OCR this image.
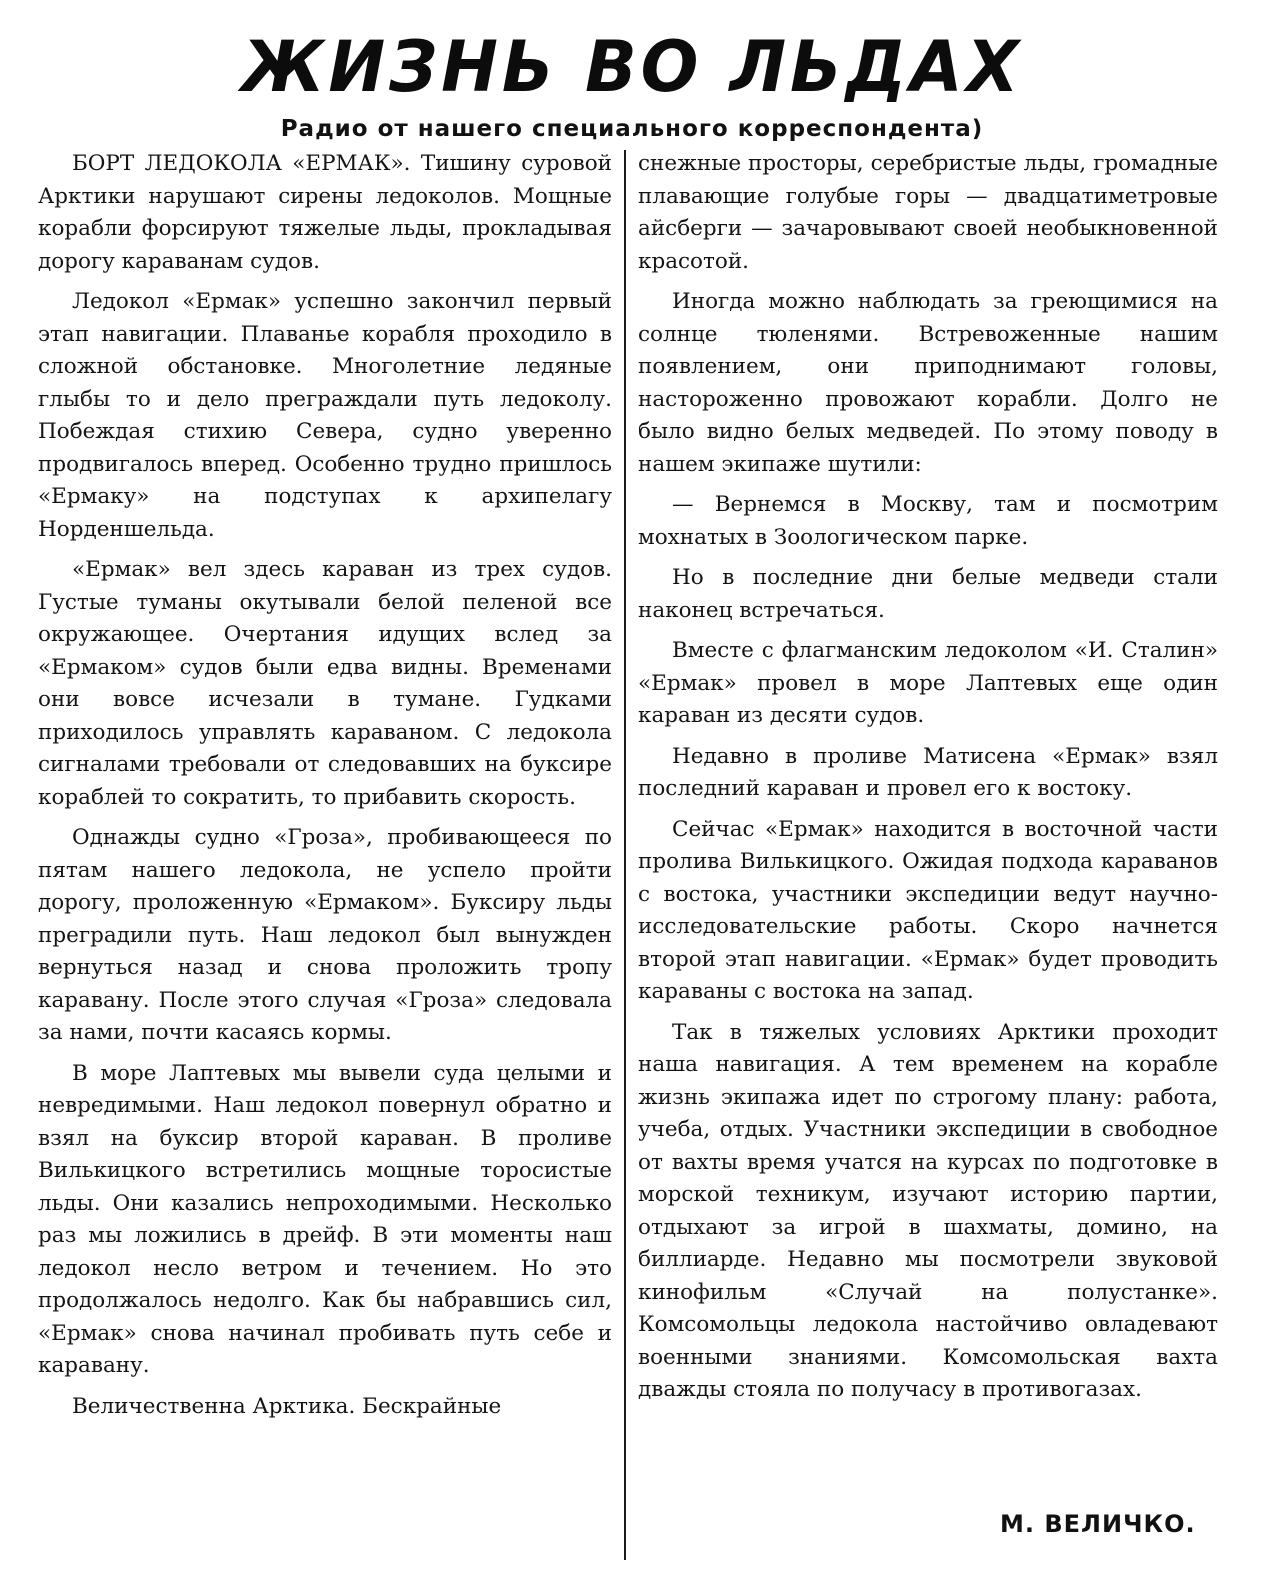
ЖИЗНЬ ВО ЛЬДАХ
Радио от нашего специального корреспондента)

БОРТ ЛЕДОКОЛА «ЕРМАК». Тишину суровой Арктики нарушают сирены ледоколов. Мощные корабли форсируют тяжелые льды, прокладывая дорогу караванам судов.

Ледокол «Ермак» успешно закончил первый этап навигации. Плаванье корабля проходило в сложной обстановке. Многолетние ледяные глыбы то и дело преграждали путь ледоколу. Побеждая стихию Севера, судно уверенно продвигалось вперед. Особенно трудно пришлось «Ермаку» на подступах к архипелагу Норденшельда.

«Ермак» вел здесь караван из трех судов. Густые туманы окутывали белой пеленой все окружающее. Очертания идущих вслед за «Ермаком» судов были едва видны. Временами они вовсе исчезали в тумане. Гудками приходилось управлять караваном. С ледокола сигналами требовали от следовавших на буксире кораблей то сократить, то прибавить скорость.

Однажды судно «Гроза», пробивающееся по пятам нашего ледокола, не успело пройти дорогу, проложенную «Ермаком». Буксиру льды преградили путь. Наш ледокол был вынужден вернуться назад и снова проложить тропу каравану. После этого случая «Гроза» следовала за нами, почти касаясь кормы.

В море Лаптевых мы вывели суда целыми и невредимыми. Наш ледокол повернул обратно и взял на буксир второй караван. В проливе Вилькицкого встретились мощные торосистые льды. Они казались непроходимыми. Несколько раз мы ложились в дрейф. В эти моменты наш ледокол несло ветром и течением. Но это продолжалось недолго. Как бы набравшись сил, «Ермак» снова начинал пробивать путь себе и каравану.

Величественна Арктика. Бескрайные

снежные просторы, серебристые льды, громадные плавающие голубые горы — двадцатиметровые айсберги — зачаровывают своей необыкновенной красотой.

Иногда можно наблюдать за греющимися на солнце тюленями. Встревоженные нашим появлением, они приподнимают головы, настороженно провожают корабли. Долго не было видно белых медведей. По этому поводу в нашем экипаже шутили:

— Вернемся в Москву, там и посмотрим мохнатых в Зоологическом парке.

Но в последние дни белые медведи стали наконец встречаться.

Вместе с флагманским ледоколом «И. Сталин» «Ермак» провел в море Лаптевых еще один караван из десяти судов.

Недавно в проливе Матисена «Ермак» взял последний караван и провел его к востоку.

Сейчас «Ермак» находится в восточной части пролива Вилькицкого. Ожидая подхода караванов с востока, участники экспедиции ведут научно-исследовательские работы. Скоро начнется второй этап навигации. «Ермак» будет проводить караваны с востока на запад.

Так в тяжелых условиях Арктики проходит наша навигация. А тем временем на корабле жизнь экипажа идет по строгому плану: работа, учеба, отдых. Участники экспедиции в свободное от вахты время учатся на курсах по подготовке в морской техникум, изучают историю партии, отдыхают за игрой в шахматы, домино, на биллиарде. Недавно мы посмотрели звуковой кинофильм «Случай на полустанке». Комсомольцы ледокола настойчиво овладевают военными знаниями. Комсомольская вахта дважды стояла по получасу в противогазах.

М. ВЕЛИЧКО.
